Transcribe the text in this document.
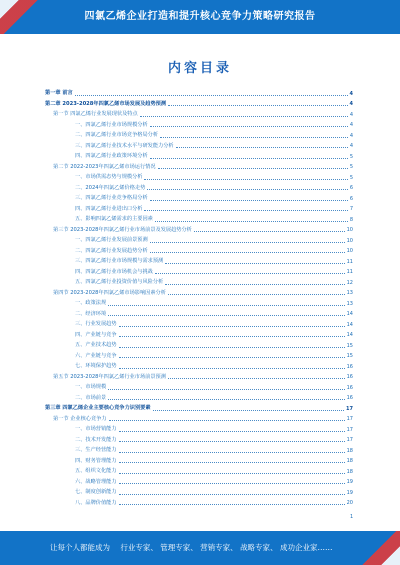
四氯乙烯企业打造和提升核心竞争力策略研究报告
内容目录
第一章 前言	4
第二章 2023-2028年四氯乙烯市场发展及趋势预测	4
第一节 四氯乙烯行业发展现状及特点	4
一、四氯乙烯行业市场规模分析	4
二、四氯乙烯行业市场竞争格局分析	4
三、四氯乙烯行业技术水平与研发能力分析	4
四、四氯乙烯行业政策环境分析	5
第二节 2022-2023年四氯乙烯市场运行情况	5
一、市场供需态势与规模分析	5
二、2024年四氯乙烯价格走势	6
三、四氯乙烯行业竞争格局分析	6
四、四氯乙烯行业进出口分析	7
五、影响四氯乙烯需求的主要因素	8
第三节 2023-2028年四氯乙烯行业市场前景及发展趋势分析	10
一、四氯乙烯行业发展前景预测	10
二、四氯乙烯行业发展趋势分析	10
三、四氯乙烯行业市场规模与需求预测	11
四、四氯乙烯行业市场机会与挑战	11
五、四氯乙烯行业投资价值与风险分析	12
第四节 2023-2028年四氯乙烯市场影响因素分析	13
一、政策法规	13
二、经济环境	14
三、行业发展趋势	14
四、产业链与竞争	14
五、产业技术趋势	15
六、产业链与竞争	15
七、环境保护趋势	16
第五节 2023-2028年四氯乙烯行业市场前景预测	16
一、市场规模	16
二、市场前景	16
第三章 四氯乙烯企业主要核心竞争力识别要素	17
第一节 企业核心竞争力	17
一、市场营销能力	17
二、技术开发能力	17
三、生产经营能力	18
四、财务管理能力	18
五、组织文化能力	18
六、战略管理能力	19
七、制度创新能力	19
八、品牌价值能力	20
1
让每个人都能成为 行业专家、 管理专家、 营销专家、 战略专家、 成功企业家……
